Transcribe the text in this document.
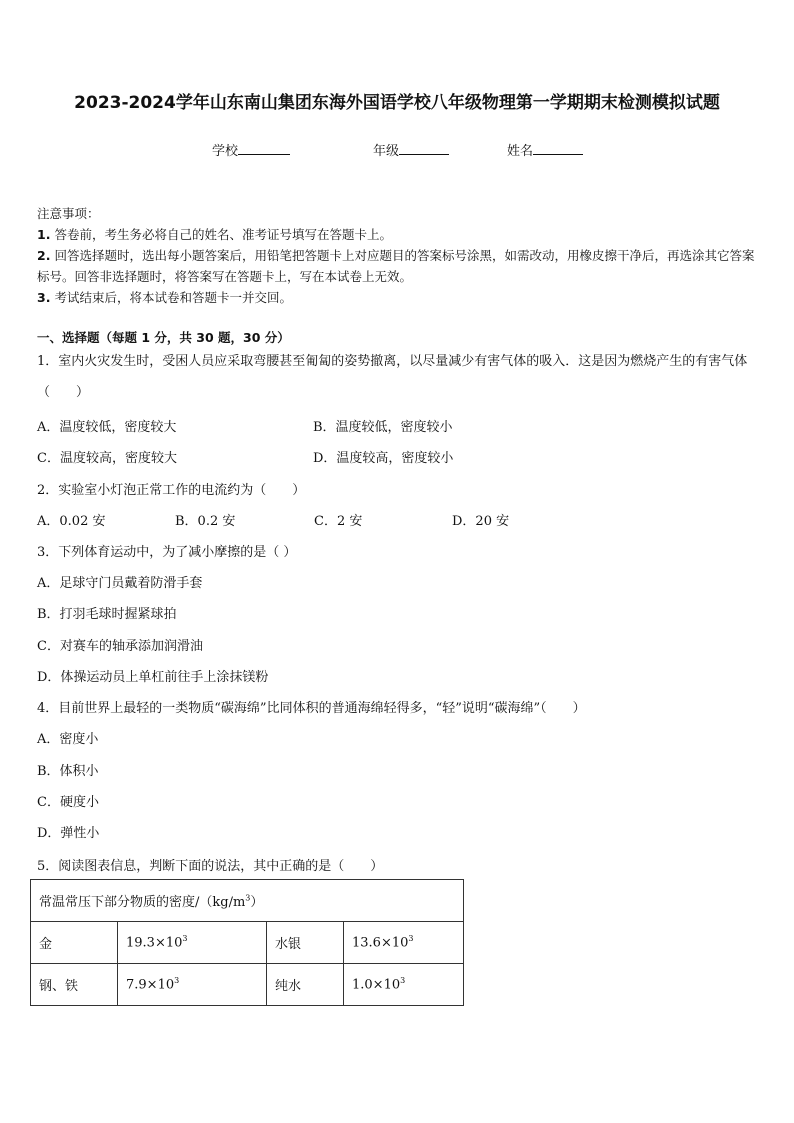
2023-2024学年山东南山集团东海外国语学校八年级物理第一学期期末检测模拟试题
学校	年级	姓名
注意事项：
1. 答卷前，考生务必将自己的姓名、准考证号填写在答题卡上。
2. 回答选择题时，选出每小题答案后，用铅笔把答题卡上对应题目的答案标号涂黑，如需改动，用橡皮擦干净后，再选涂其它答案标号。回答非选择题时，将答案写在答题卡上，写在本试卷上无效。
3. 考试结束后，将本试卷和答题卡一并交回。
一、选择题（每题 1 分，共 30 题，30 分）
1．室内火灾发生时，受困人员应采取弯腰甚至匍匐的姿势撤离，以尽量减少有害气体的吸入．这是因为燃烧产生的有害气体（　　）
A．温度较低，密度较大	B．温度较低，密度较小
C．温度较高，密度较大	D．温度较高，密度较小
2．实验室小灯泡正常工作的电流约为（　　）
A．0.02 安	B．0.2 安	C．2 安	D．20 安
3．下列体育运动中，为了减小摩擦的是（ ）
A．足球守门员戴着防滑手套
B．打羽毛球时握紧球拍
C．对赛车的轴承添加润滑油
D．体操运动员上单杠前往手上涂抹镁粉
4．目前世界上最轻的一类物质“碳海绵”比同体积的普通海绵轻得多，“轻”说明“碳海绵”（　　）
A．密度小
B．体积小
C．硬度小
D．弹性小
5．阅读图表信息，判断下面的说法，其中正确的是（　　）
常温常压下部分物质的密度$/(kg/m^3)$			
金	$19.3\times 10^3$	水银	$13.6\times 10^3$
钢、铁	$7.9\times 10^3$	纯水	$1.0\times 10^3$
